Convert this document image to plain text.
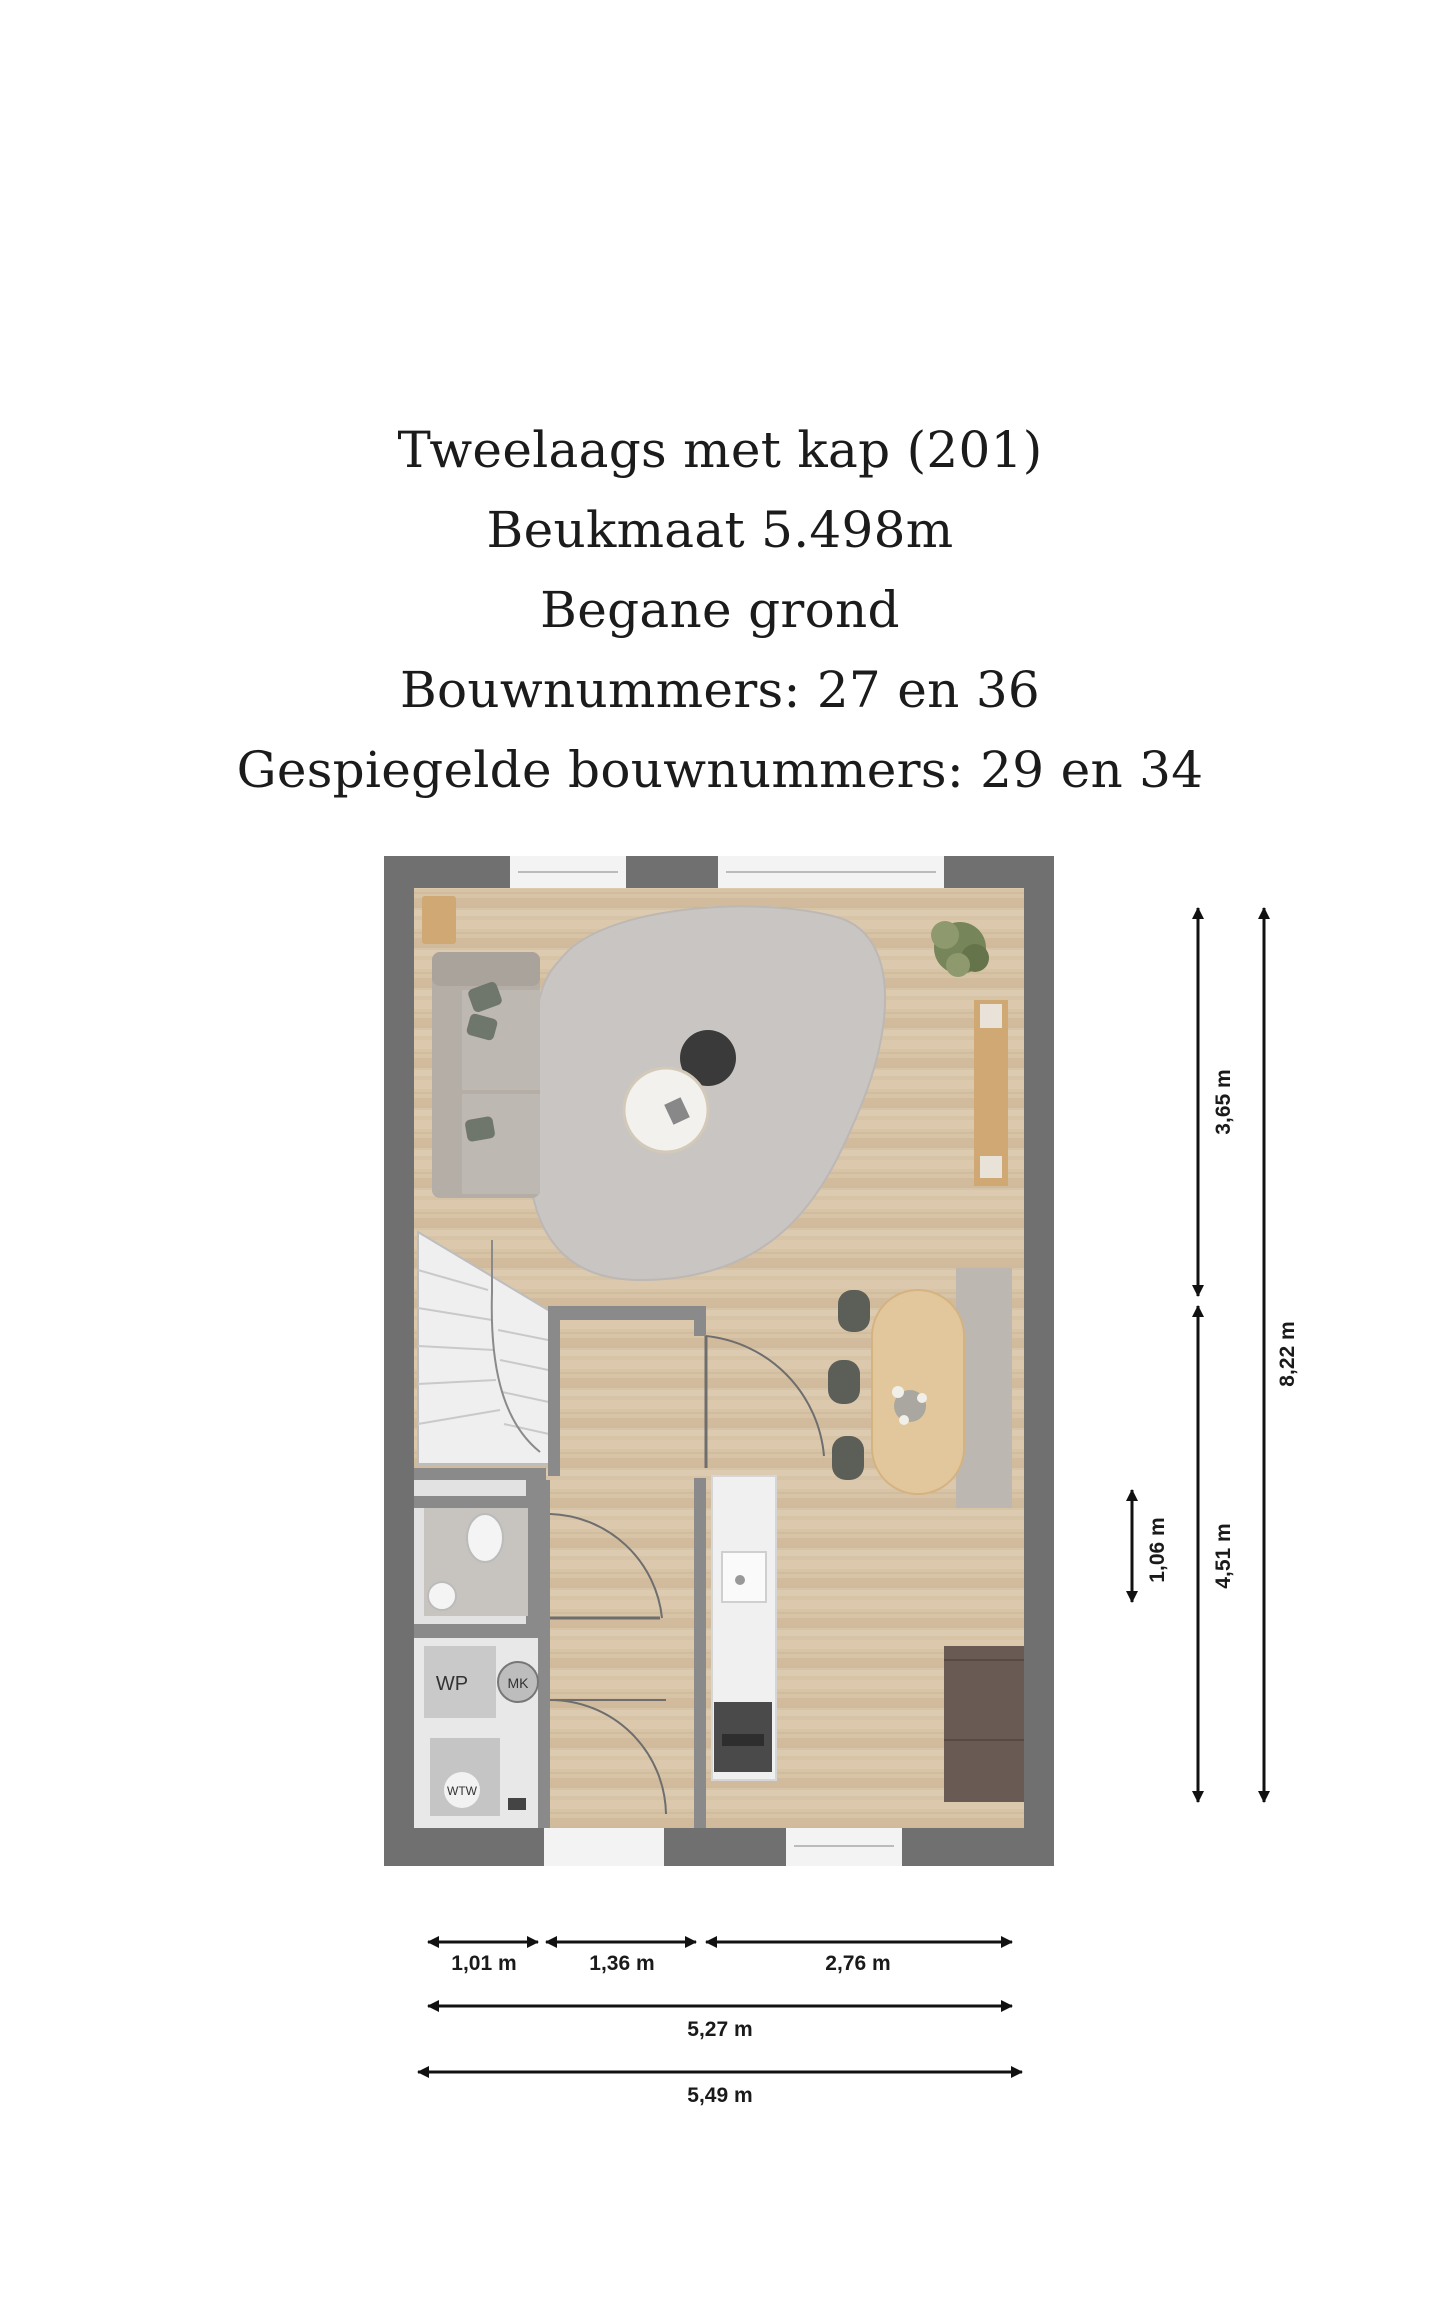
Tweelaags met kap (201)
Beukmaat 5.498m
Begane grond
Bouwnummers: 27 en 36
Gespiegelde bouwnummers: 29 en 34
WP	MK
WTW
3,65 m
4,51 m
8,22 m
1,06 m
1,01 m	1,36 m	2,76 m
5,27 m
5,49 m
